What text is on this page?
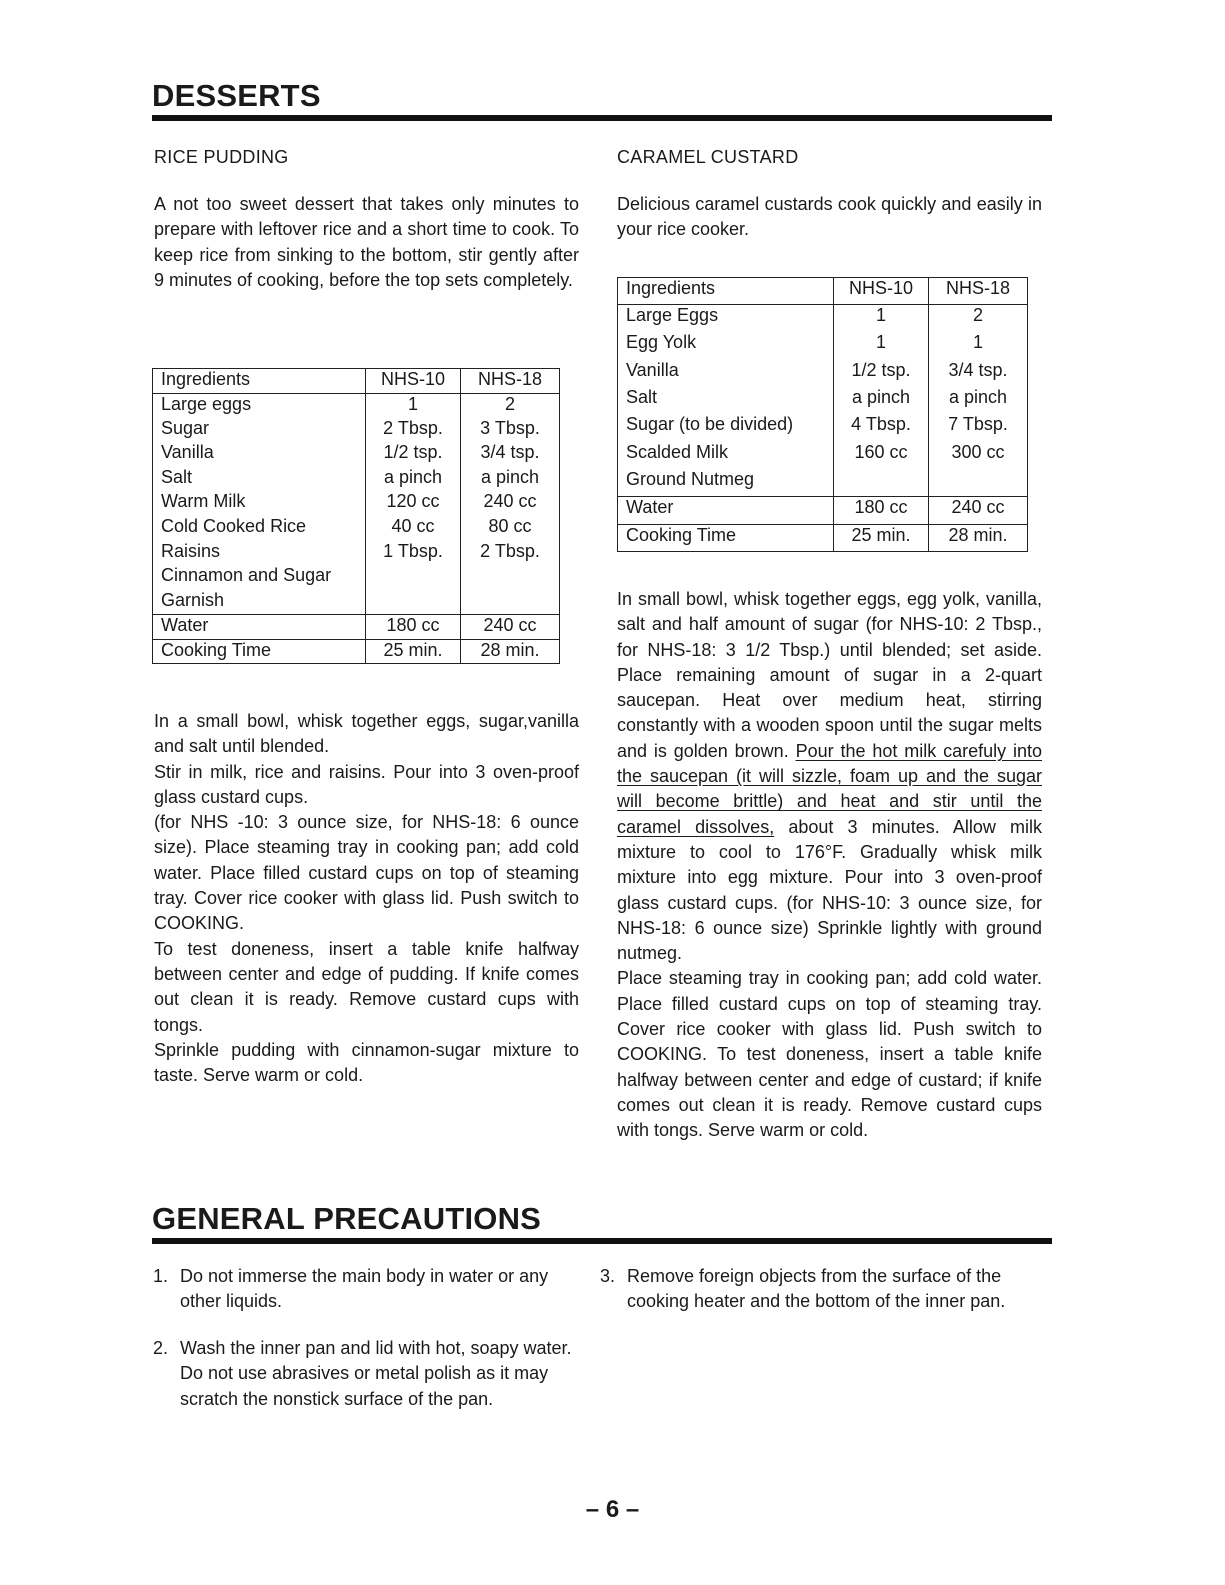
DESSERTS
RICE PUDDING
A not too sweet dessert that takes only minutes to prepare with leftover rice and a short time to cook. To keep rice from sinking to the bottom, stir gently after 9 minutes of cooking, before the top sets completely.
Ingredients	NHS-10	NHS-18
Large eggs	1	2
Sugar	2 Tbsp.	3 Tbsp.
Vanilla	1/2 tsp.	3/4 tsp.
Salt	a pinch	a pinch
Warm Milk	120 cc	240 cc
Cold Cooked Rice	40 cc	80 cc
Raisins	1 Tbsp.	2 Tbsp.
Cinnamon and Sugar		
Garnish		
Water	180 cc	240 cc
Cooking Time	25 min.	28 min.

In a small bowl, whisk together eggs, sugar,vanilla and salt until blended.

Stir in milk, rice and raisins. Pour into 3 oven-proof glass custard cups.

(for NHS -10: 3 ounce size, for NHS-18: 6 ounce size). Place steaming tray in cooking pan; add cold water. Place filled custard cups on top of steaming tray. Cover rice cooker with glass lid. Push switch to COOKING.

To test doneness, insert a table knife halfway between center and edge of pudding. If knife comes out clean it is ready. Remove custard cups with tongs.

Sprinkle pudding with cinnamon-sugar mixture to taste. Serve warm or cold.

CARAMEL CUSTARD
Delicious caramel custards cook quickly and easily in your rice cooker.
Ingredients	NHS-10	NHS-18
Large Eggs	1	2
Egg Yolk	1	1
Vanilla	1/2 tsp.	3/4 tsp.
Salt	a pinch	a pinch
Sugar (to be divided)	4 Tbsp.	7 Tbsp.
Scalded Milk	160 cc	300 cc
Ground Nutmeg		
Water	180 cc	240 cc
Cooking Time	25 min.	28 min.

In small bowl, whisk together eggs, egg yolk, vanilla, salt and half amount of sugar (for NHS-10: 2 Tbsp., for NHS-18: 3 1/2 Tbsp.) until blended; set aside. Place remaining amount of sugar in a 2-quart saucepan. Heat over medium heat, stirring constantly with a wooden spoon until the sugar melts and is golden brown. Pour the hot milk carefuly into the saucepan (it will sizzle, foam up and the sugar will become brittle) and heat and stir until the caramel dissolves, about 3 minutes. Allow milk mixture to cool to 176°F. Gradually whisk milk mixture into egg mixture. Pour into 3 oven-proof glass custard cups. (for NHS-10: 3 ounce size, for NHS-18: 6 ounce size) Sprinkle lightly with ground nutmeg.

Place steaming tray in cooking pan; add cold water. Place filled custard cups on top of steaming tray. Cover rice cooker with glass lid. Push switch to COOKING. To test doneness, insert a table knife halfway between center and edge of custard; if knife comes out clean it is ready. Remove custard cups with tongs. Serve warm or cold.

GENERAL PRECAUTIONS
1. Do not immerse the main body in water or any other liquids.
2. Wash the inner pan and lid with hot, soapy water. Do not use abrasives or metal polish as it may scratch the nonstick surface of the pan.
3. Remove foreign objects from the surface of the cooking heater and the bottom of the inner pan.
– 6 –
